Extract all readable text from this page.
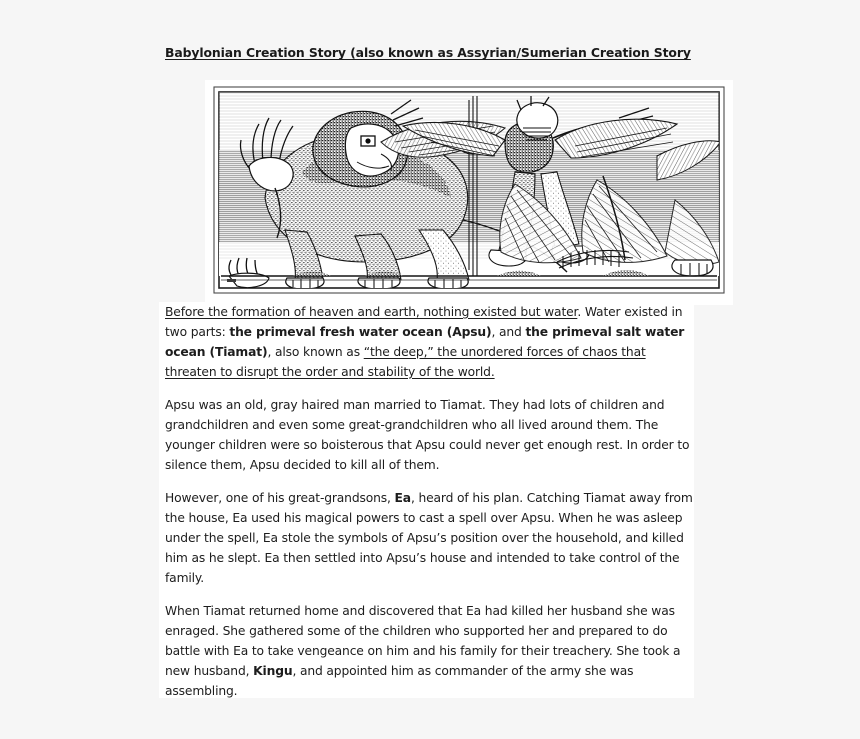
Babylonian Creation Story (also known as Assyrian/Sumerian Creation Story

Before the formation of heaven and earth, nothing existed but water. Water existed in two parts: the primeval fresh water ocean (Apsu), and the primeval salt water ocean (Tiamat), also known as “the deep,” the unordered forces of chaos that threaten to disrupt the order and stability of the world.

Apsu was an old, gray haired man married to Tiamat. They had lots of children and grandchildren and even some great-grandchildren who all lived around them. The younger children were so boisterous that Apsu could never get enough rest. In order to silence them, Apsu decided to kill all of them.

However, one of his great-grandsons, Ea, heard of his plan. Catching Tiamat away from the house, Ea used his magical powers to cast a spell over Apsu. When he was asleep under the spell, Ea stole the symbols of Apsu’s position over the household, and killed him as he slept. Ea then settled into Apsu’s house and intended to take control of the family.

When Tiamat returned home and discovered that Ea had killed her husband she was enraged. She gathered some of the children who supported her and prepared to do battle with Ea to take vengeance on him and his family for their treachery. She took a new husband, Kingu, and appointed him as commander of the army she was assembling.
